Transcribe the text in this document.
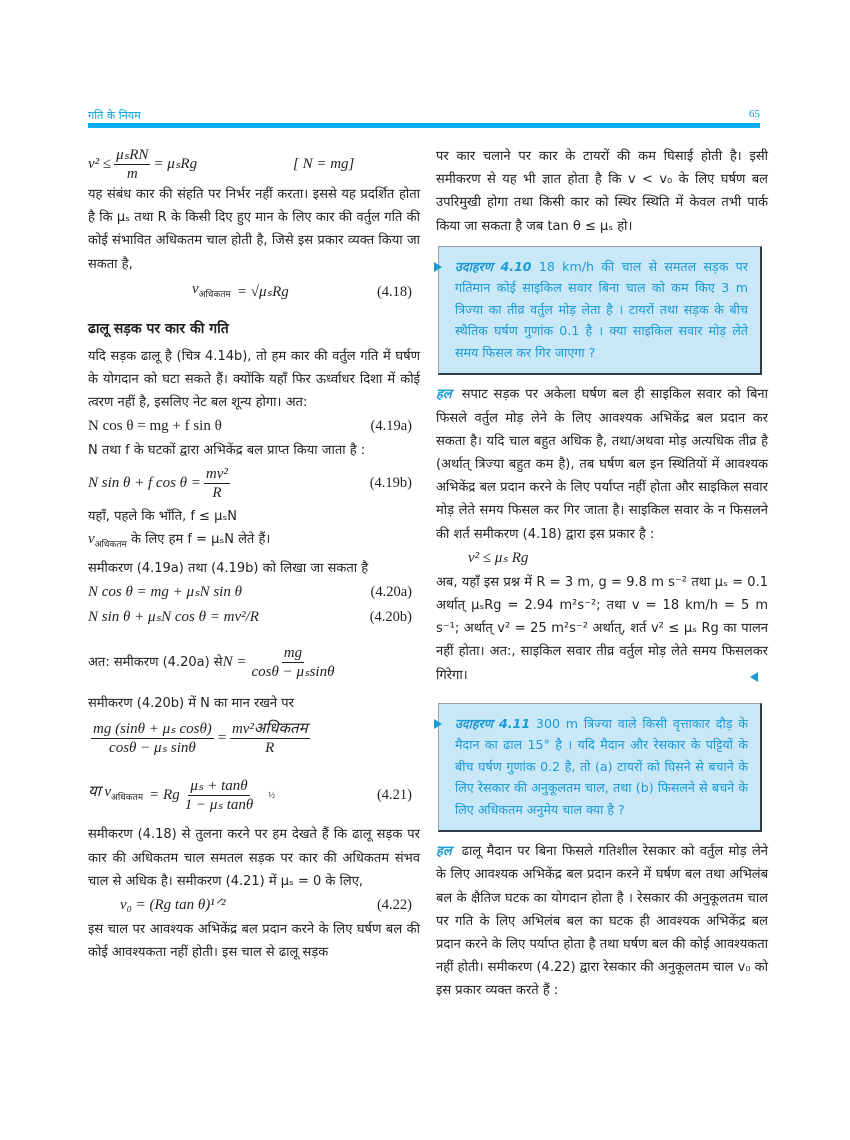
गति के नियम	65
$v^2 \le \frac{\text{μₛRN}}{m} = \mu_sRg$	[ N = mg]

यह संबंध कार की संहति पर निर्भर नहीं करता। इससे यह प्रदर्शित होता है कि μₛ तथा R के किसी दिए हुए मान के लिए कार की वर्तुल गति की कोई संभावित अधिकतम चाल होती है, जिसे इस प्रकार व्यक्त किया जा सकता है,

$v_{अधिकतम} = √\mu_sRg$	(4.18)
ढालू सड़क पर कार की गति

यदि सड़क ढालू है (चित्र 4.14b), तो हम कार की वर्तुल गति में घर्षण के योगदान को घटा सकते हैं। क्योंकि यहाँ फिर ऊर्ध्वाधर दिशा में कोई त्वरण नहीं है, इसलिए नेट बल शून्य होगा। अत:

N cos θ = mg + f sin θ	(4.19a)

N तथा f के घटकों द्वारा अभिकेंद्र बल प्राप्त किया जाता है :

N sin θ + f $\cos \theta = \frac{\text{mv²}}{R}$	(4.19b)

यहाँ, पहले कि भाँति, f ≤ μₛN

$v_{अधिकतम}$ के लिए हम f = μₛN लेते हैं।

समीकरण (4.19a) तथा (4.19b) को लिखा जा सकता है

N cos θ = mg + μₛN sin θ	(4.20a)
N sin θ + μₛN cos θ = mv²/R	(4.20b)
अत: समीकरण (4.20a) से $N = \frac{mg}{\text{cosθ − μₛsinθ}}$

समीकरण (4.20b) में N का मान रखने पर

$\frac{\text{mg (sinθ + μₛ cosθ)}}{\text{cosθ − μₛ sinθ}} = \frac{\text{mv²अधिकतम}}{R}$
या $v_{अधिकतम} = Rg \frac{\text{μₛ + tanθ}}{\text{1 − μₛ tanθ}}$ ½	(4.21)

समीकरण (4.18) से तुलना करने पर हम देखते हैं कि ढालू सड़क पर कार की अधिकतम चाल समतल सड़क पर कार की अधिकतम संभव चाल से अधिक है। समीकरण (4.21) में μₛ = 0 के लिए,

v₀ = (Rg tan θ)¹ᐟ²	(4.22)

इस चाल पर आवश्यक अभिकेंद्र बल प्रदान करने के लिए घर्षण बल की कोई आवश्यकता नहीं होती। इस चाल से ढालू सड़क

पर कार चलाने पर कार के टायरों की कम घिसाई होती है। इसी समीकरण से यह भी ज्ञात होता है कि v < v₀ के लिए घर्षण बल उपरिमुखी होगा तथा किसी कार को स्थिर स्थिति में केवल तभी पार्क किया जा सकता है जब tan θ ≤ μₛ हो।

उदाहरण 4.10 18 km/h की चाल से समतल सड़क पर गतिमान कोई साइकिल सवार बिना चाल को कम किए 3 m त्रिज्या का तीव्र वर्तुल मोड़ लेता है । टायरों तथा सड़क के बीच स्थैतिक घर्षण गुणांक 0.1 है । क्या साइकिल सवार मोड़ लेते समय फिसल कर गिर जाएगा ?

हल सपाट सड़क पर अकेला घर्षण बल ही साइकिल सवार को बिना फिसले वर्तुल मोड़ लेने के लिए आवश्यक अभिकेंद्र बल प्रदान कर सकता है। यदि चाल बहुत अधिक है, तथा/अथवा मोड़ अत्यधिक तीव्र है (अर्थात् त्रिज्या बहुत कम है), तब घर्षण बल इन स्थितियों में आवश्यक अभिकेंद्र बल प्रदान करने के लिए पर्याप्त नहीं होता और साइकिल सवार मोड़ लेते समय फिसल कर गिर जाता है। साइकिल सवार के न फिसलने की शर्त समीकरण (4.18) द्वारा इस प्रकार है :

v² ≤ μₛ Rg

अब, यहाँ इस प्रश्न में R = 3 m, g = 9.8 m s⁻² तथा μₛ = 0.1 अर्थात् μₛRg = 2.94 m²s⁻²; तथा v = 18 km/h = 5 m s⁻¹; अर्थात् v² = 25 m²s⁻² अर्थात्, शर्त v² ≤ μₛ Rg का पालन नहीं होता। अत:, साइकिल सवार तीव्र वर्तुल मोड़ लेते समय फिसलकर गिरेगा।

उदाहरण 4.11 300 m त्रिज्या वाले किसी वृत्ताकार दौड़ के मैदान का ढाल 15° है । यदि मैदान और रेसकार के पट्टियों के बीच घर्षण गुणांक 0.2 है, तो (a) टायरों को घिसने से बचाने के लिए रेसकार की अनुकूलतम चाल, तथा (b) फिसलने से बचने के लिए अधिकतम अनुमेय चाल क्या है ?

हल ढालू मैदान पर बिना फिसले गतिशील रेसकार को वर्तुल मोड़ लेने के लिए आवश्यक अभिकेंद्र बल प्रदान करने में घर्षण बल तथा अभिलंब बल के क्षैतिज घटक का योगदान होता है । रेसकार की अनुकूलतम चाल पर गति के लिए अभिलंब बल का घटक ही आवश्यक अभिकेंद्र बल प्रदान करने के लिए पर्याप्त होता है तथा घर्षण बल की कोई आवश्यकता नहीं होती। समीकरण (4.22) द्वारा रेसकार की अनुकूलतम चाल v₀ को इस प्रकार व्यक्त करते हैं :
